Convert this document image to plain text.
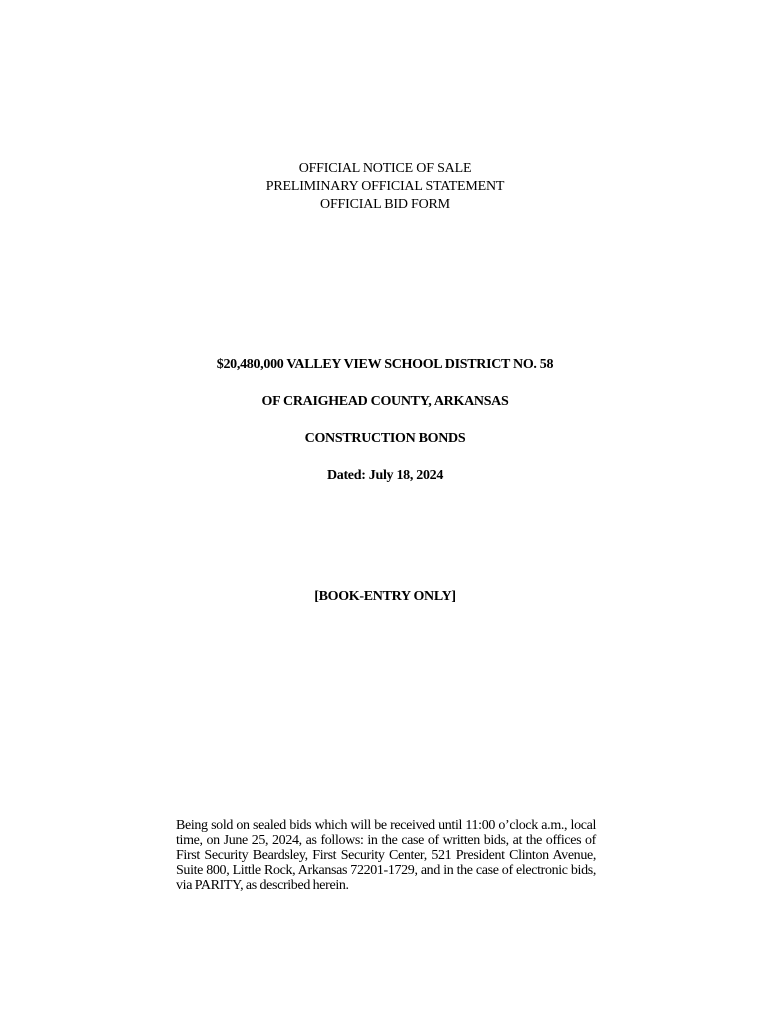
OFFICIAL NOTICE OF SALE
PRELIMINARY OFFICIAL STATEMENT
OFFICIAL BID FORM
$20,480,000 VALLEY VIEW SCHOOL DISTRICT NO. 58
OF CRAIGHEAD COUNTY, ARKANSAS
CONSTRUCTION BONDS
Dated: July 18, 2024
[BOOK-ENTRY ONLY]
Being sold on sealed bids which will be received until 11:00 o’clock a.m., local time, on June 25, 2024, as follows: in the case of written bids, at the offices of First Security Beardsley, First Security Center, 521 President Clinton Avenue, Suite 800, Little Rock, Arkansas 72201-1729, and in the case of electronic bids, via PARITY, as described herein.
